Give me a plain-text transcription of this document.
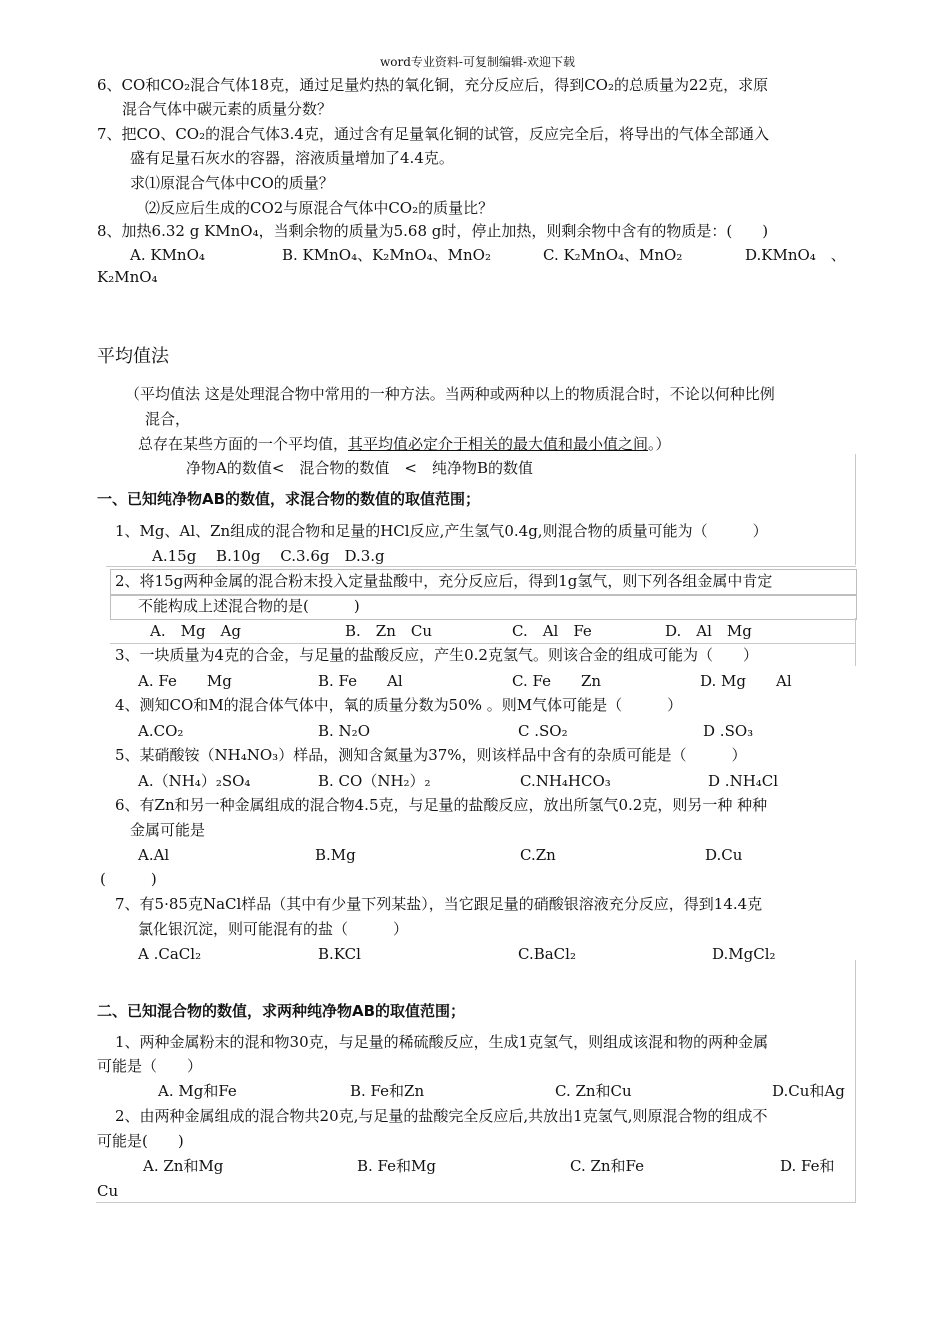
word专业资料-可复制编辑-欢迎下载
6、CO和CO₂混合气体18克，通过足量灼热的氧化铜，充分反应后，得到CO₂的总质量为22克，求原
混合气体中碳元素的质量分数？
7、把CO、CO₂的混合气体3.4克，通过含有足量氧化铜的试管，反应完全后，将导出的气体全部通入
盛有足量石灰水的容器，溶液质量增加了4.4克。
求⑴原混合气体中CO的质量？
⑵反应后生成的CO2与原混合气体中CO₂的质量比？
8、加热6.32 g KMnO₄，当剩余物的质量为5.68 g时，停止加热，则剩余物中含有的物质是：(　　)
A. KMnO₄	B. KMnO₄、K₂MnO₄、MnO₂	C. K₂MnO₄、MnO₂	D.KMnO₄　、
K₂MnO₄
平均值法
（平均值法 这是处理混合物中常用的一种方法。当两种或两种以上的物质混合时，不论以何种比例
混合，
总存在某些方面的一个平均值，其平均值必定介于相关的最大值和最小值之间。）
净物A的数值<　混合物的数值　<　纯净物B的数值
一、已知纯净物AB的数值，求混合物的数值的取值范围；
1、Mg、Al、Zn组成的混合物和足量的HCl反应,产生氢气0.4g,则混合物的质量可能为（　　　）
A.15g　 B.10g　 C.3.6g　D.3.g
2、将15g两种金属的混合粉末投入定量盐酸中，充分反应后，得到1g氢气，则下列各组金属中肯定
不能构成上述混合物的是(　　　)
A.　Mg　Ag	B.　Zn　Cu	C.　Al　Fe	D.　Al　Mg
3、一块质量为4克的合金，与足量的盐酸反应，产生0.2克氢气。则该合金的组成可能为（　　）
A. Fe　　Mg	B. Fe　　Al	C. Fe　　Zn	D. Mg　　Al
4、测知CO和M的混合体气体中，氧的质量分数为50% 。则M气体可能是（　　　）
A.CO₂	B. N₂O	C .SO₂	D .SO₃
5、某硝酸铵（NH₄NO₃）样品，测知含氮量为37%，则该样品中含有的杂质可能是（　　　）
A.（NH₄）₂SO₄	B. CO（NH₂）₂	C.NH₄HCO₃	D .NH₄Cl
6、有Zn和另一种金属组成的混合物4.5克，与足量的盐酸反应，放出所氢气0.2克，则另一种 种种
金属可能是
A.Al	B.Mg	C.Zn	D.Cu
(　　　)
7、有5·85克NaCl样品（其中有少量下列某盐），当它跟足量的硝酸银溶液充分反应，得到14.4克
氯化银沉淀，则可能混有的盐（　　　）
A .CaCl₂	B.KCl	C.BaCl₂	D.MgCl₂
二、已知混合物的数值，求两种纯净物AB的取值范围；
1、两种金属粉末的混和物30克，与足量的稀硫酸反应，生成1克氢气，则组成该混和物的两种金属
可能是（　　）
A. Mg和Fe	B. Fe和Zn	C. Zn和Cu	D.Cu和Ag
2、由两种金属组成的混合物共20克,与足量的盐酸完全反应后,共放出1克氢气,则原混合物的组成不
可能是(　　)
A. Zn和Mg	B. Fe和Mg	C. Zn和Fe	D. Fe和
Cu
